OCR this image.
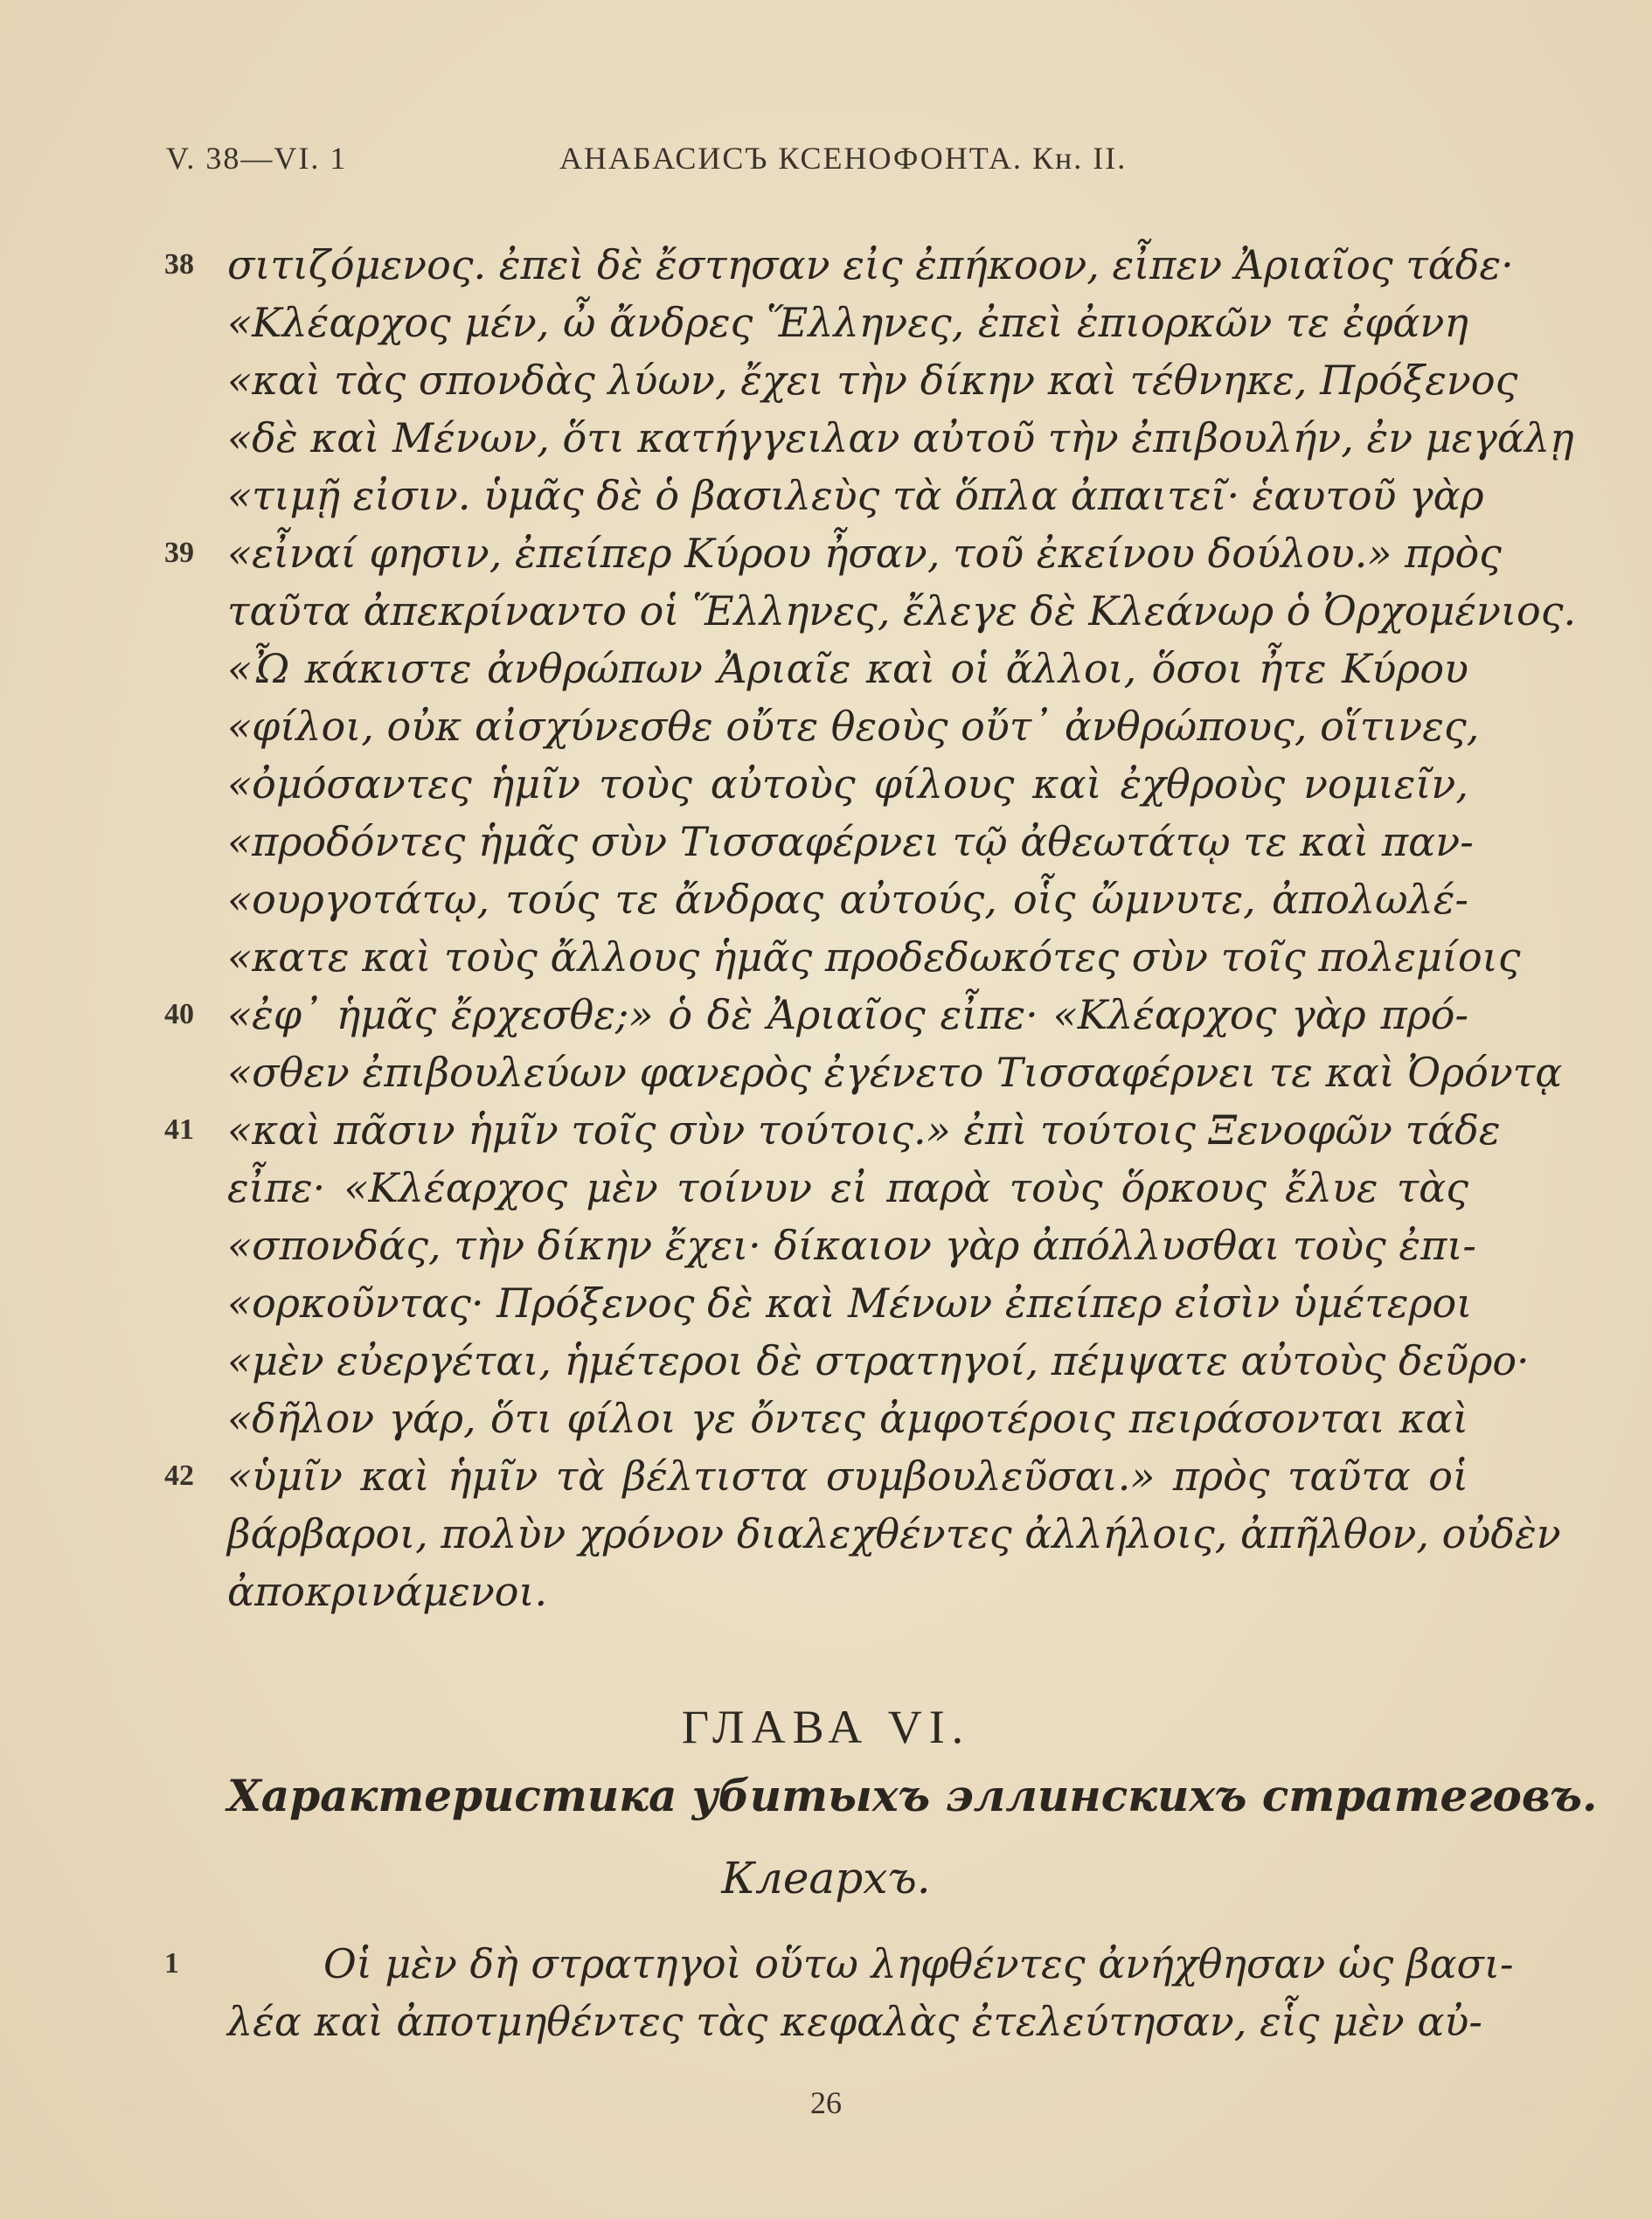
V. 38—VI. 1	АНАБАСИСЪ КСЕНОФОНТА. Кн. II.
38 σιτιζόμενος. ἐπεὶ δὲ ἔστησαν εἰς ἐπήκοον, εἶπεν Ἀριαῖος τάδε·
«Κλέαρχος μέν, ὦ ἄνδρες Ἕλληνες, ἐπεὶ ἐπιορκῶν τε ἐφάνη
«καὶ τὰς σπονδὰς λύων, ἔχει τὴν δίκην καὶ τέθνηκε, Πρόξενος
«δὲ καὶ Μένων, ὅτι κατήγγειλαν αὐτοῦ τὴν ἐπιβουλήν, ἐν μεγάλῃ
«τιμῇ εἰσιν. ὑμᾶς δὲ ὁ βασιλεὺς τὰ ὅπλα ἀπαιτεῖ· ἑαυτοῦ γὰρ
39 «εἶναί φησιν, ἐπείπερ Κύρου ἦσαν, τοῦ ἐκείνου δούλου.» πρὸς
ταῦτα ἀπεκρίναντο οἱ Ἕλληνες, ἔλεγε δὲ Κλεάνωρ ὁ Ὀρχομένιος.
«Ὦ κάκιστε ἀνθρώπων Ἀριαῖε καὶ οἱ ἄλλοι, ὅσοι ἦτε Κύρου
«φίλοι, οὐκ αἰσχύνεσθε οὔτε θεοὺς οὔτ᾽ ἀνθρώπους, οἵτινες,
«ὀμόσαντες ἡμῖν τοὺς αὐτοὺς φίλους καὶ ἐχθροὺς νομιεῖν,
«προδόντες ἡμᾶς σὺν Τισσαφέρνει τῷ ἀθεωτάτῳ τε καὶ παν-
«ουργοτάτῳ, τούς τε ἄνδρας αὐτούς, οἷς ὤμνυτε, ἀπολωλέ-
«κατε καὶ τοὺς ἄλλους ἡμᾶς προδεδωκότες σὺν τοῖς πολεμίοις
40 «ἐφ᾽ ἡμᾶς ἔρχεσθε;» ὁ δὲ Ἀριαῖος εἶπε· «Κλέαρχος γὰρ πρό-
«σθεν ἐπιβουλεύων φανερὸς ἐγένετο Τισσαφέρνει τε καὶ Ὀρόντᾳ
41 «καὶ πᾶσιν ἡμῖν τοῖς σὺν τούτοις.» ἐπὶ τούτοις Ξενοφῶν τάδε
εἶπε· «Κλέαρχος μὲν τοίνυν εἰ παρὰ τοὺς ὅρκους ἔλυε τὰς
«σπονδάς, τὴν δίκην ἔχει· δίκαιον γὰρ ἀπόλλυσθαι τοὺς ἐπι-
«ορκοῦντας· Πρόξενος δὲ καὶ Μένων ἐπείπερ εἰσὶν ὑμέτεροι
«μὲν εὐεργέται, ἡμέτεροι δὲ στρατηγοί, πέμψατε αὐτοὺς δεῦρο·
«δῆλον γάρ, ὅτι φίλοι γε ὄντες ἀμφοτέροις πειράσονται καὶ
42 «ὑμῖν καὶ ἡμῖν τὰ βέλτιστα συμβουλεῦσαι.» πρὸς ταῦτα οἱ
βάρβαροι, πολὺν χρόνον διαλεχθέντες ἀλλήλοις, ἀπῆλθον, οὐδὲν
ἀποκρινάμενοι.
ГЛАВА VI.
Характеристика убитыхъ эллинскихъ стратеговъ.
Клеархъ.
1	Οἱ μὲν δὴ στρατηγοὶ οὕτω ληφθέντες ἀνήχθησαν ὡς βασι-
λέα καὶ ἀποτμηθέντες τὰς κεφαλὰς ἐτελεύτησαν, εἷς μὲν αὐ-
26
